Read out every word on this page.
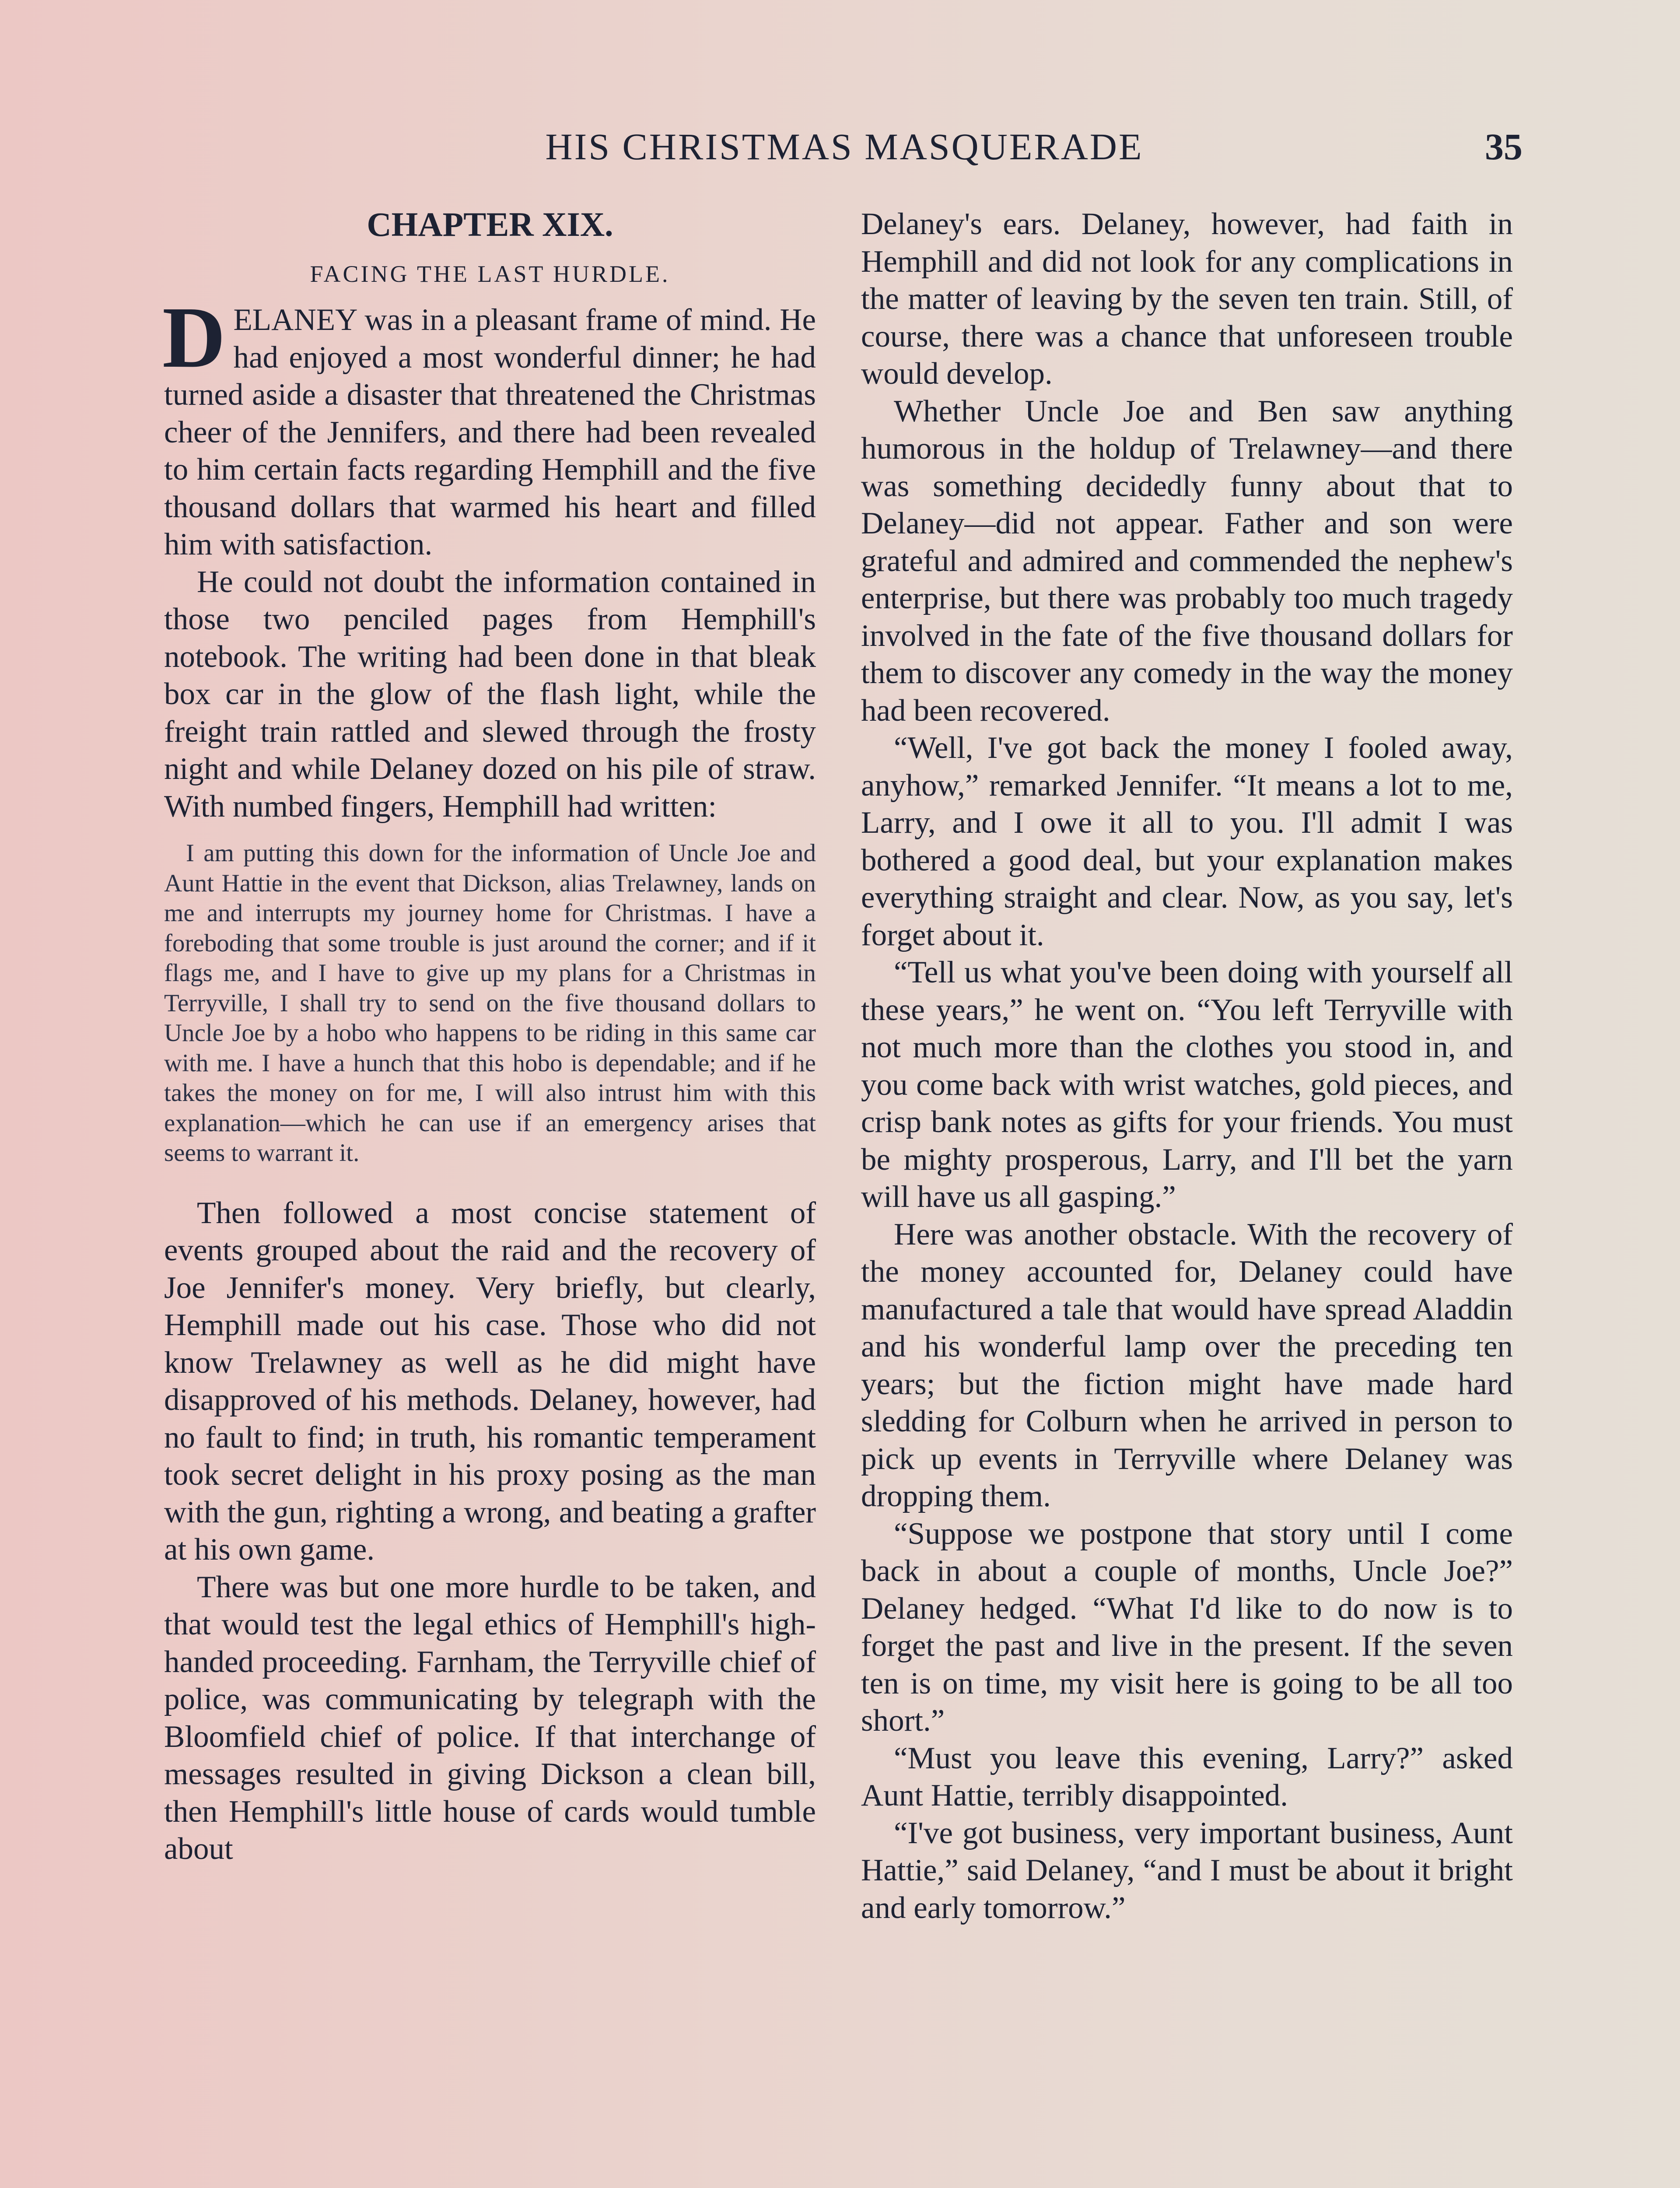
HIS CHRISTMAS MASQUERADE	35
CHAPTER XIX.
FACING THE LAST HURDLE.

DELANEY was in a pleasant frame of mind. He had enjoyed a most wonderful dinner; he had turned aside a disaster that threatened the Christmas cheer of the Jennifers, and there had been revealed to him certain facts regarding Hemphill and the five thousand dollars that warmed his heart and filled him with satisfaction.

He could not doubt the information contained in those two penciled pages from Hemphill's notebook. The writing had been done in that bleak box car in the glow of the flash light, while the freight train rattled and slewed through the frosty night and while Delaney dozed on his pile of straw. With numbed fingers, Hemphill had written:

I am putting this down for the information of Uncle Joe and Aunt Hattie in the event that Dickson, alias Trelawney, lands on me and interrupts my journey home for Christmas. I have a foreboding that some trouble is just around the corner; and if it flags me, and I have to give up my plans for a Christmas in Terryville, I shall try to send on the five thousand dollars to Uncle Joe by a hobo who happens to be riding in this same car with me. I have a hunch that this hobo is dependable; and if he takes the money on for me, I will also intrust him with this explanation—which he can use if an emergency arises that seems to warrant it.

Then followed a most concise statement of events grouped about the raid and the recovery of Joe Jennifer's money. Very briefly, but clearly, Hemphill made out his case. Those who did not know Trelawney as well as he did might have disapproved of his methods. Delaney, however, had no fault to find; in truth, his romantic temperament took secret delight in his proxy posing as the man with the gun, righting a wrong, and beating a grafter at his own game.

There was but one more hurdle to be taken, and that would test the legal ethics of Hemphill's high-handed proceeding. Farnham, the Terryville chief of police, was communicating by telegraph with the Bloomfield chief of police. If that interchange of messages resulted in giving Dickson a clean bill, then Hemphill's little house of cards would tumble about

Delaney's ears. Delaney, however, had faith in Hemphill and did not look for any complications in the matter of leaving by the seven ten train. Still, of course, there was a chance that unforeseen trouble would develop.

Whether Uncle Joe and Ben saw anything humorous in the holdup of Trelawney—and there was something decidedly funny about that to Delaney—did not appear. Father and son were grateful and admired and commended the nephew's enterprise, but there was probably too much tragedy involved in the fate of the five thousand dollars for them to discover any comedy in the way the money had been recovered.

“Well, I've got back the money I fooled away, anyhow,” remarked Jennifer. “It means a lot to me, Larry, and I owe it all to you. I'll admit I was bothered a good deal, but your explanation makes everything straight and clear. Now, as you say, let's forget about it.

“Tell us what you've been doing with yourself all these years,” he went on. “You left Terryville with not much more than the clothes you stood in, and you come back with wrist watches, gold pieces, and crisp bank notes as gifts for your friends. You must be mighty prosperous, Larry, and I'll bet the yarn will have us all gasping.”

Here was another obstacle. With the recovery of the money accounted for, Delaney could have manufactured a tale that would have spread Aladdin and his wonderful lamp over the preceding ten years; but the fiction might have made hard sledding for Colburn when he arrived in person to pick up events in Terryville where Delaney was dropping them.

“Suppose we postpone that story until I come back in about a couple of months, Uncle Joe?” Delaney hedged. “What I'd like to do now is to forget the past and live in the present. If the seven ten is on time, my visit here is going to be all too short.”

“Must you leave this evening, Larry?” asked Aunt Hattie, terribly disappointed.

“I've got business, very important business, Aunt Hattie,” said Delaney, “and I must be about it bright and early tomorrow.”
